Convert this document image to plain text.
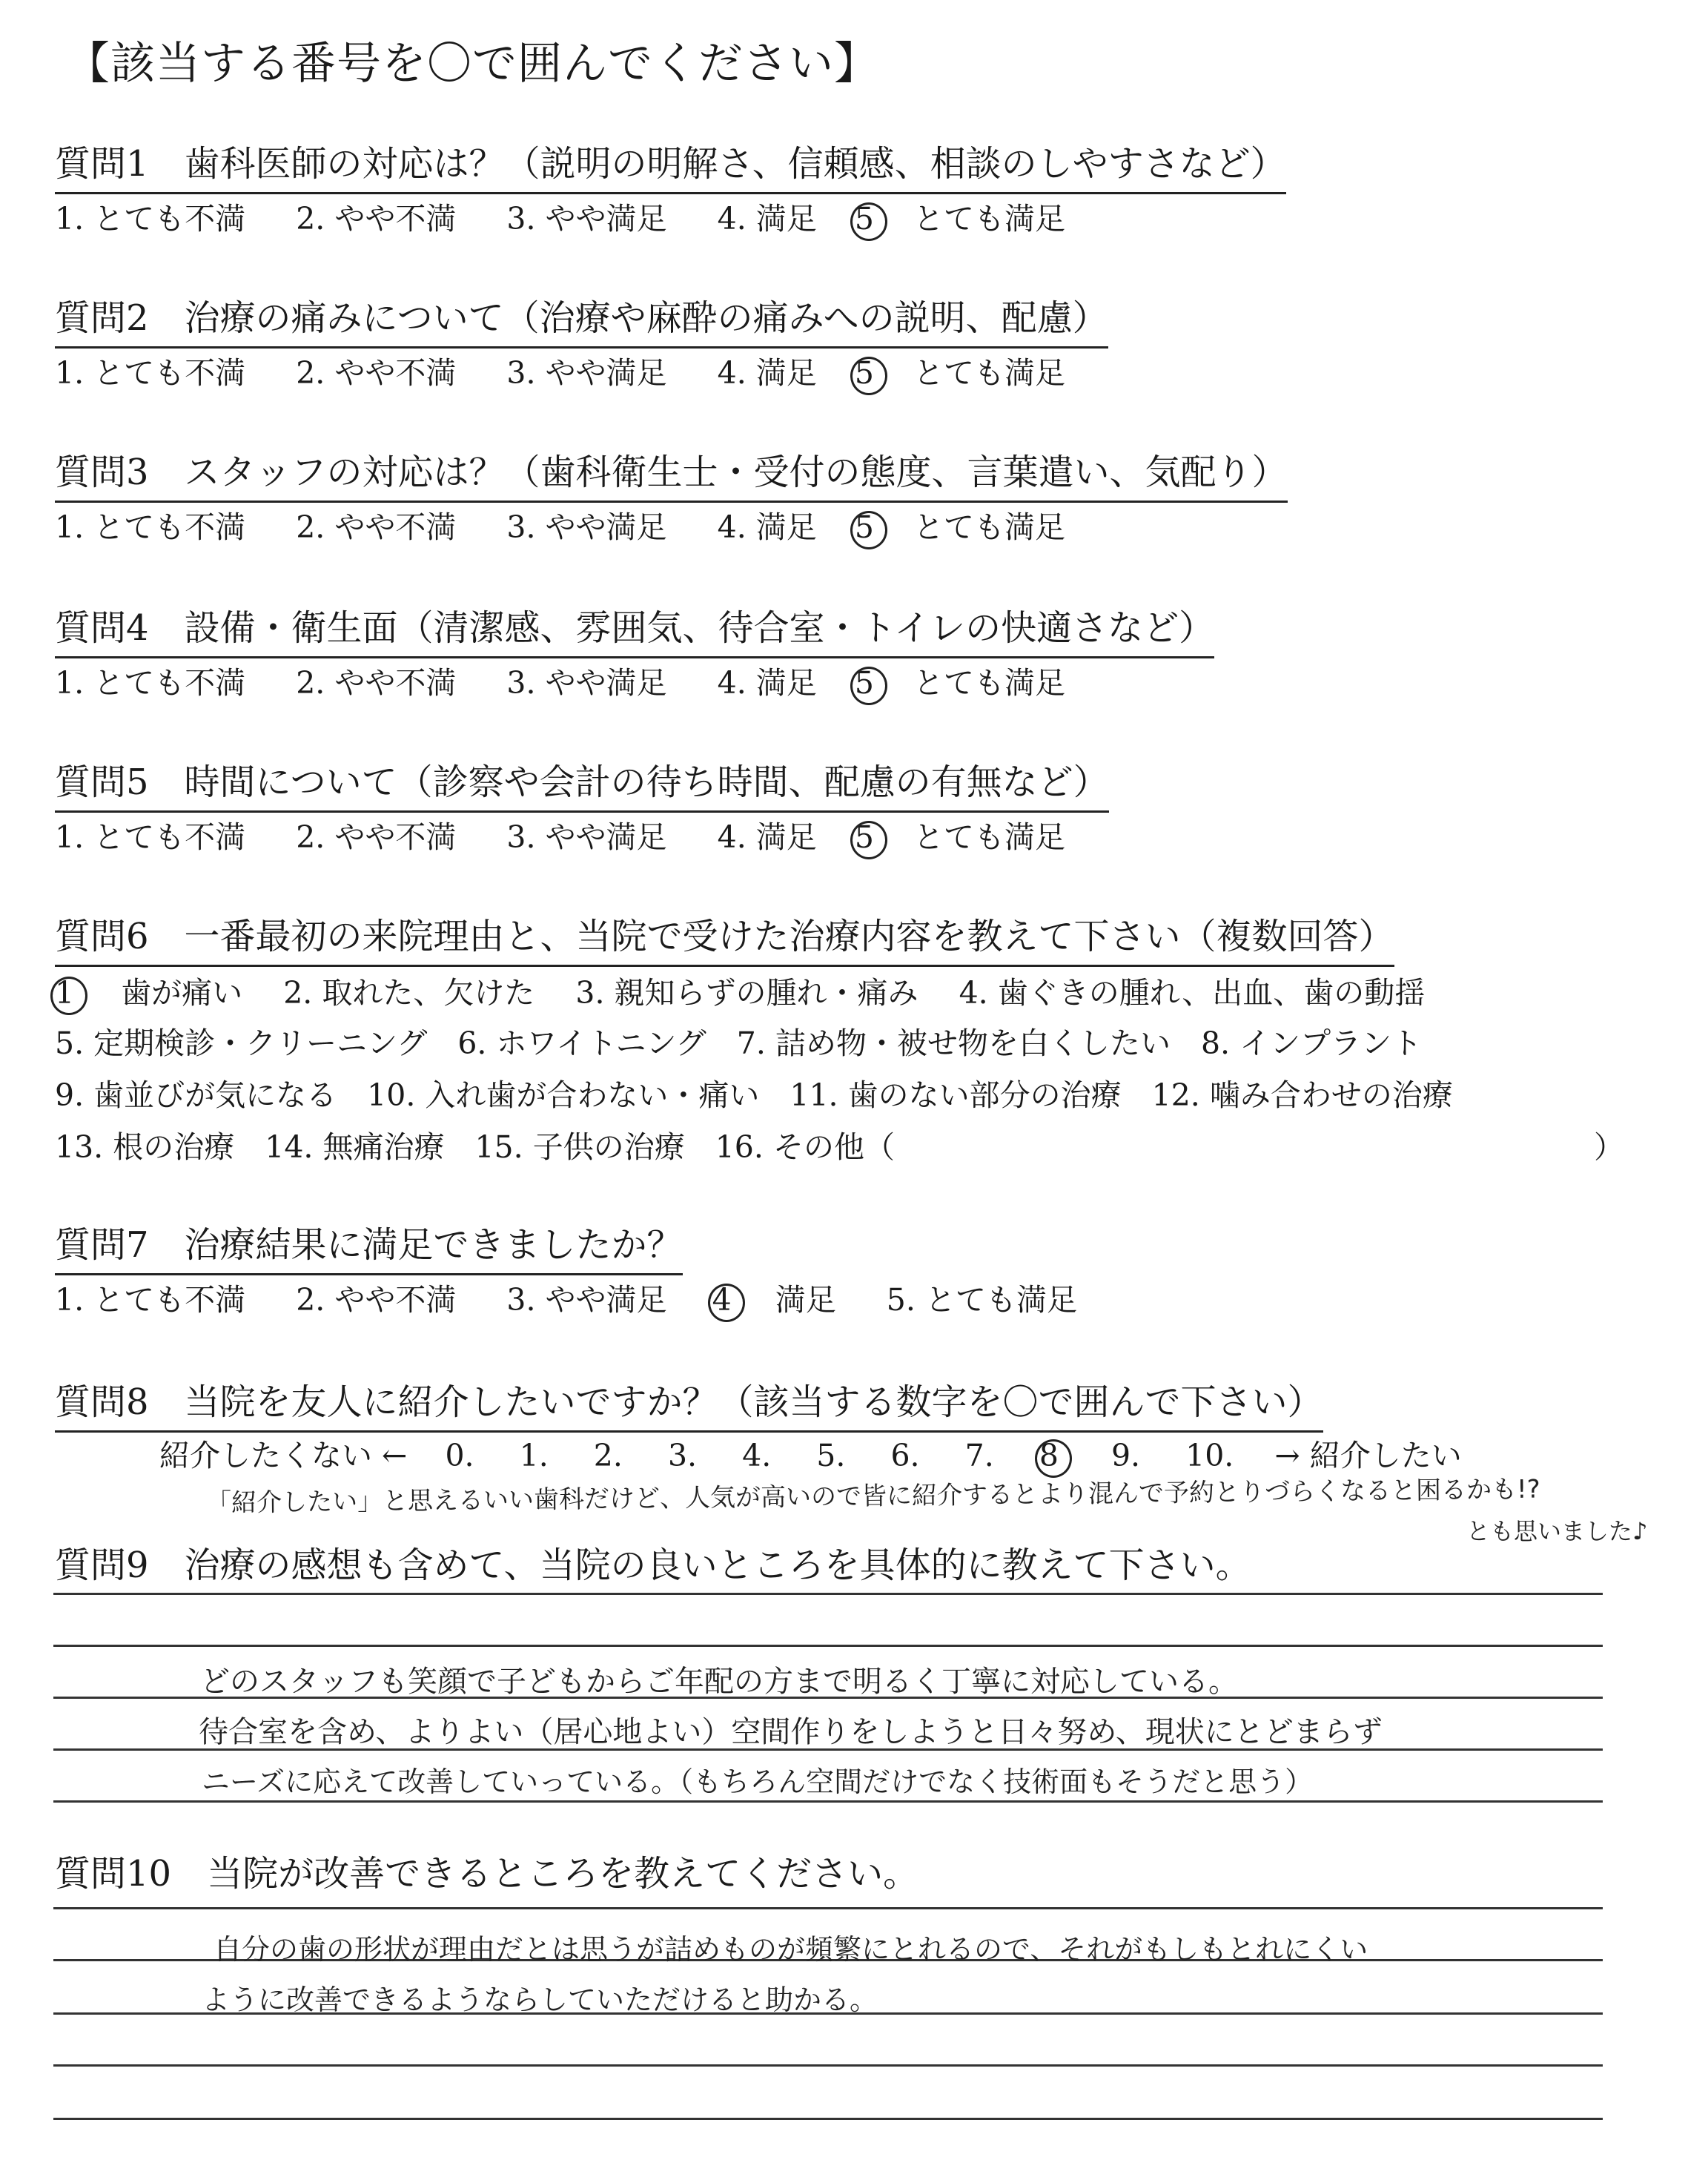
【該当する番号を〇で囲んでください】
質問1　歯科医師の対応は？（説明の明解さ、信頼感、相談のしやすさなど）
1. とても不満 2. やや不満 3. やや満足 4. 満足 5 とても満足
質問2　治療の痛みについて（治療や麻酔の痛みへの説明、配慮）
1. とても不満 2. やや不満 3. やや満足 4. 満足 5 とても満足
質問3　スタッフの対応は？（歯科衛生士・受付の態度、言葉遣い、気配り）
1. とても不満 2. やや不満 3. やや満足 4. 満足 5 とても満足
質問4　設備・衛生面（清潔感、雰囲気、待合室・トイレの快適さなど）
1. とても不満 2. やや不満 3. やや満足 4. 満足 5 とても満足
質問5　時間について（診察や会計の待ち時間、配慮の有無など）
1. とても不満 2. やや不満 3. やや満足 4. 満足 5 とても満足
質問6　一番最初の来院理由と、当院で受けた治療内容を教えて下さい（複数回答）
1 歯が痛い 2. 取れた、欠けた 3. 親知らずの腫れ・痛み 4. 歯ぐきの腫れ、出血、歯の動揺
5. 定期検診・クリーニング　6. ホワイトニング　7. 詰め物・被せ物を白くしたい　8. インプラント
9. 歯並びが気になる　10. 入れ歯が合わない・痛い　11. 歯のない部分の治療　12. 噛み合わせの治療
13. 根の治療　14. 無痛治療　15. 子供の治療　16. その他（	）
質問7　治療結果に満足できましたか？
1. とても不満 2. やや不満 3. やや満足 4 満足 5. とても満足
質問8　当院を友人に紹介したいですか？（該当する数字を〇で囲んで下さい）
紹介したくない ← 0. 1. 2. 3. 4. 5. 6. 7. 8 9. 10. → 紹介したい
「紹介したい」と思えるいい歯科だけど、人気が高いので皆に紹介するとより混んで予約とりづらくなると困るかも!?
とも思いました♪
質問9　治療の感想も含めて、当院の良いところを具体的に教えて下さい。
どのスタッフも笑顔で子どもからご年配の方まで明るく丁寧に対応している。
待合室を含め、よりよい（居心地よい）空間作りをしようと日々努め、現状にとどまらず
ニーズに応えて改善していっている。（もちろん空間だけでなく技術面もそうだと思う）
質問10　当院が改善できるところを教えてください。
自分の歯の形状が理由だとは思うが詰めものが頻繁にとれるので、それがもしもとれにくい
ように改善できるようならしていただけると助かる。
